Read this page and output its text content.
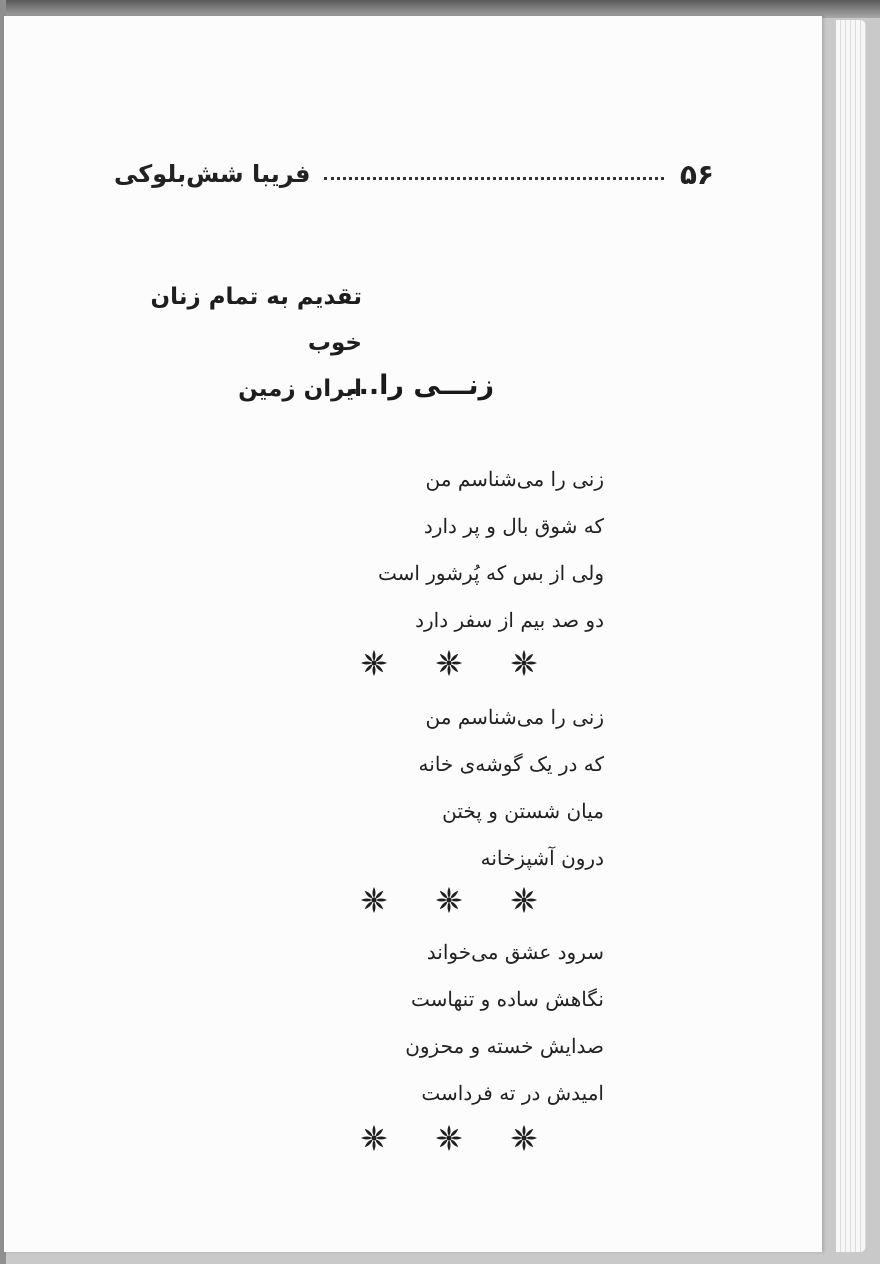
۵۶
فریبا شش‌بلوکی
تقدیم به تمام زنان خوب
ایران زمین
زنـــی را...
زنی را می‌شناسم من
که شوق بال و پر دارد
ولی از بس که پُرشور است
دو صد بیم از سفر دارد
زنی را می‌شناسم من
که در یک گوشه‌ی خانه
میان شستن و پختن
درون آشپزخانه
سرود عشق می‌خواند
نگاهش ساده و تنهاست
صدایش خسته و محزون
امیدش در ته فرداست
